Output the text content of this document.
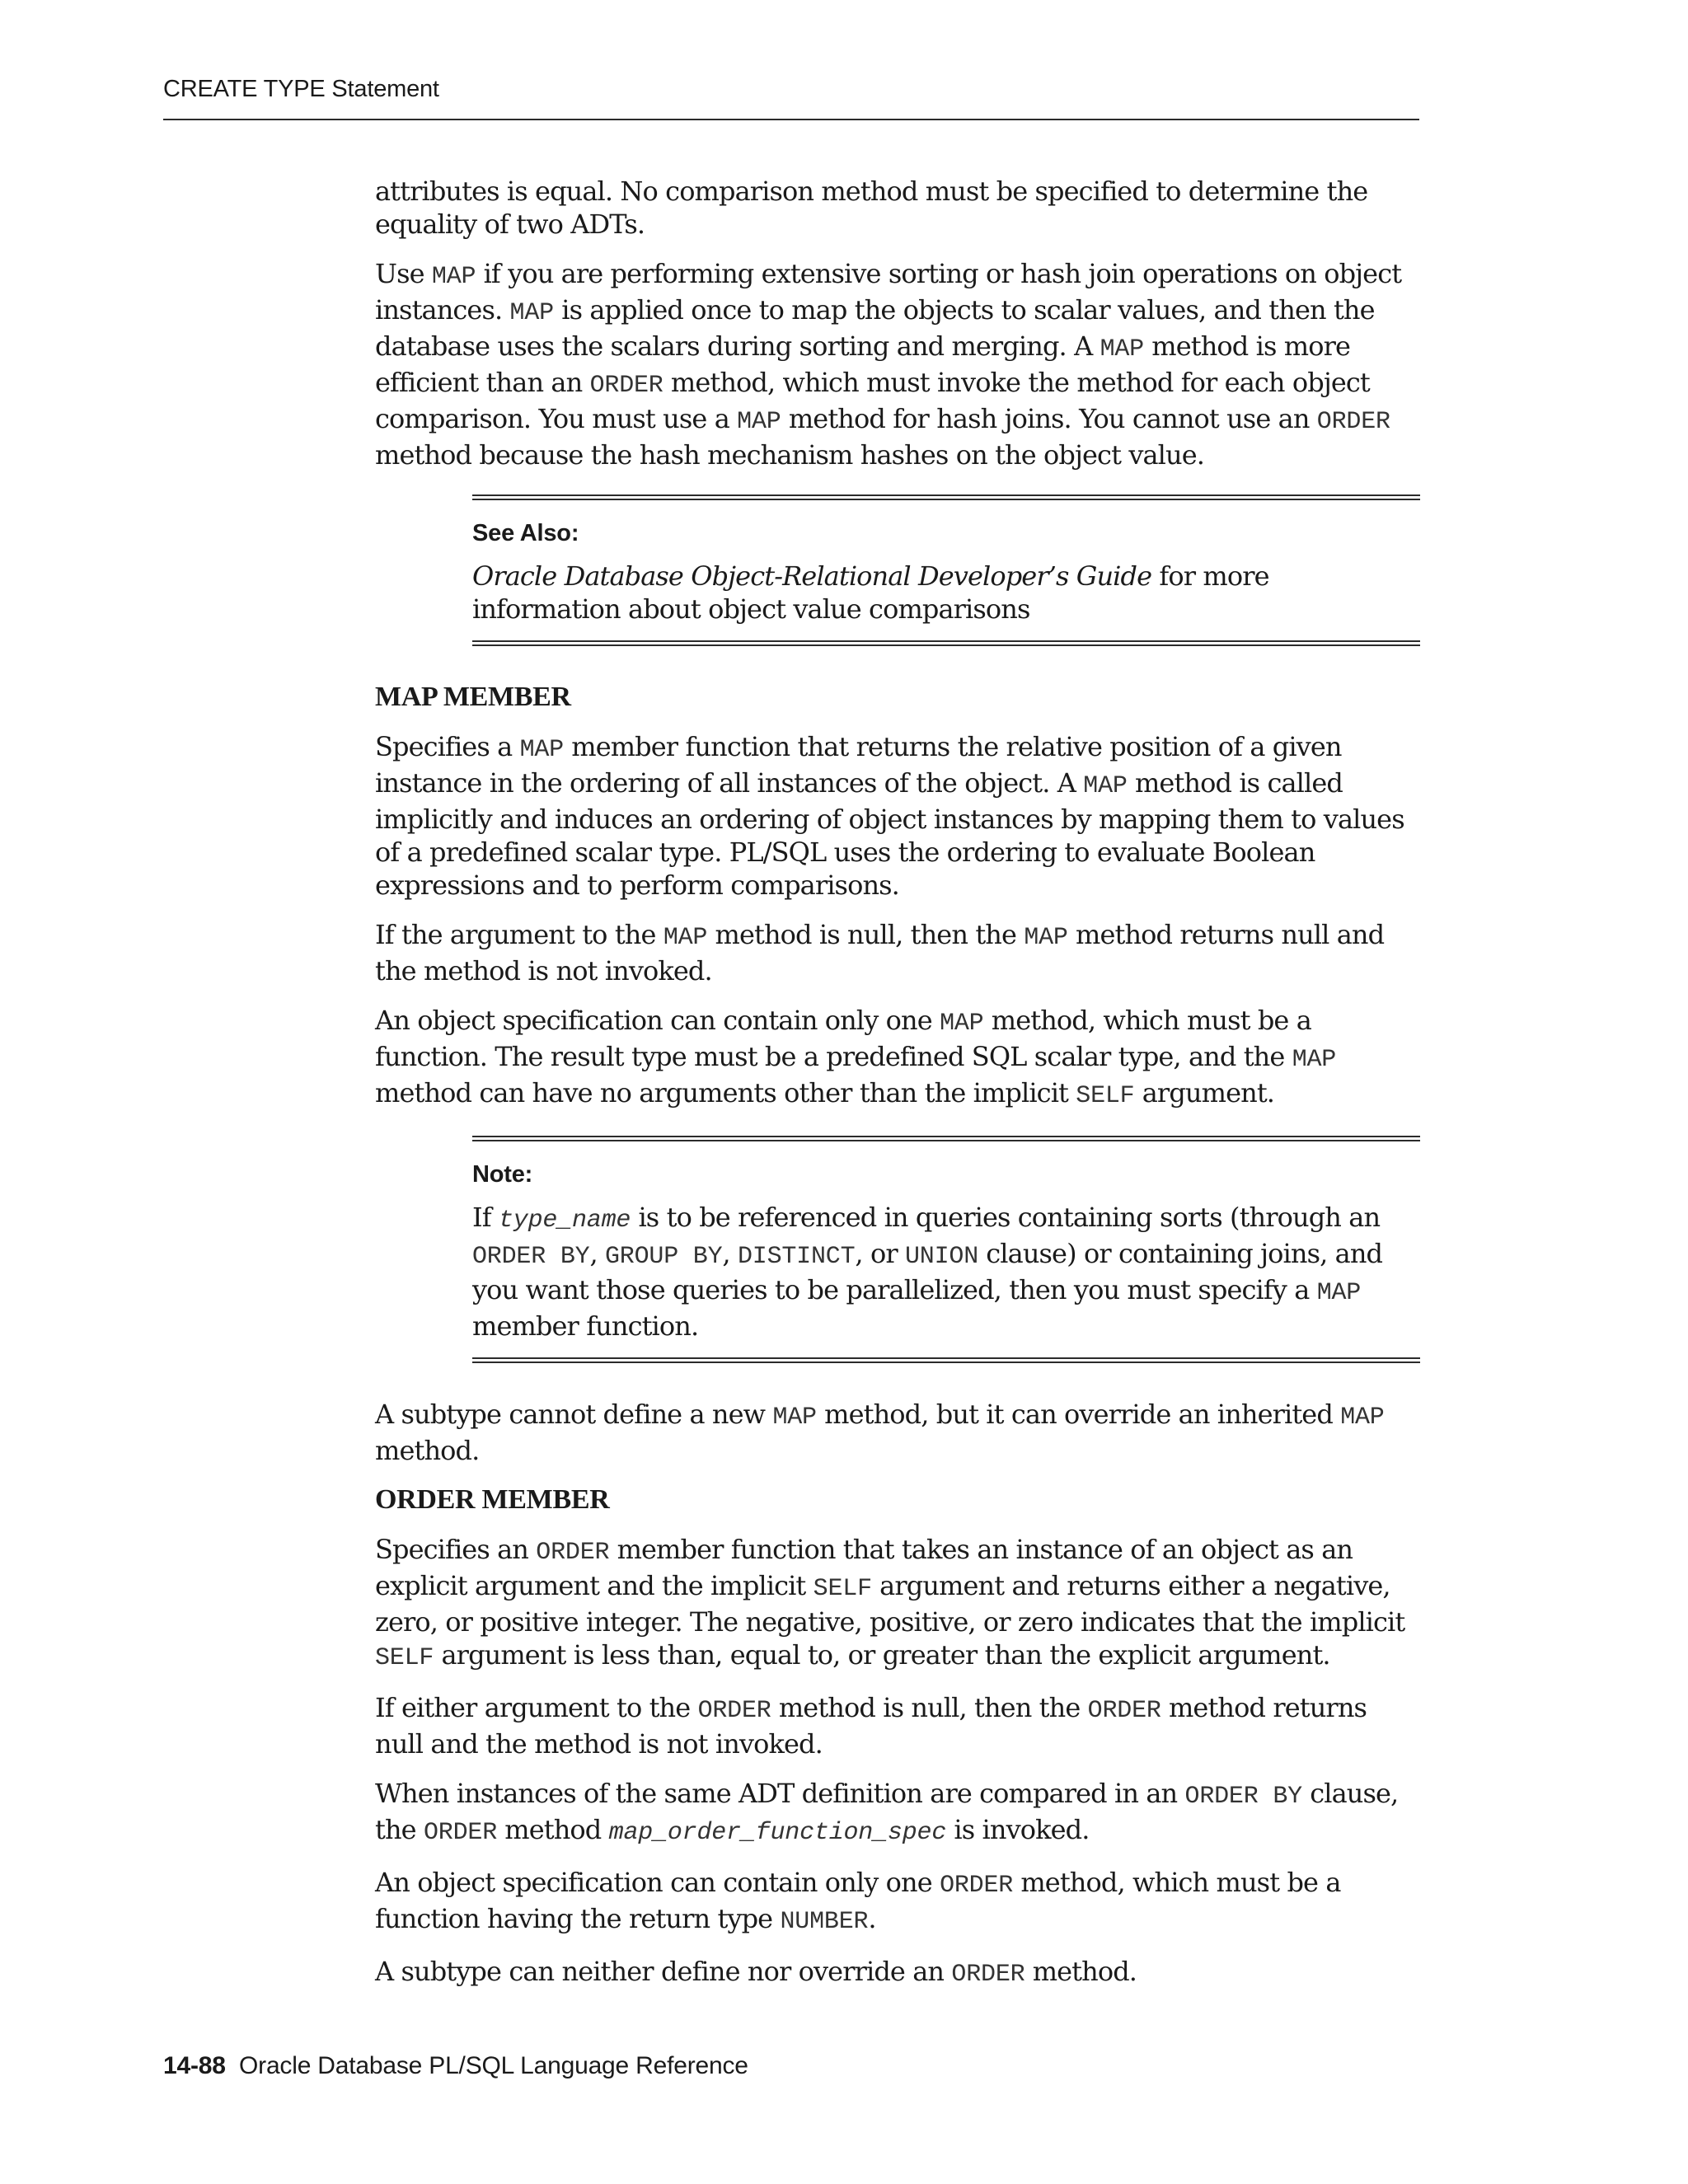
CREATE TYPE Statement

attributes is equal. No comparison method must be specified to determine the equality of two ADTs.

Use MAP if you are performing extensive sorting or hash join operations on object instances. MAP is applied once to map the objects to scalar values, and then the database uses the scalars during sorting and merging. A MAP method is more efficient than an ORDER method, which must invoke the method for each object comparison. You must use a MAP method for hash joins. You cannot use an ORDER method because the hash mechanism hashes on the object value.

See Also:

Oracle Database Object-Relational Developer’s Guide for more information about object value comparisons

MAP MEMBER

Specifies a MAP member function that returns the relative position of a given instance in the ordering of all instances of the object. A MAP method is called implicitly and induces an ordering of object instances by mapping them to values of a predefined scalar type. PL/SQL uses the ordering to evaluate Boolean expressions and to perform comparisons.

If the argument to the MAP method is null, then the MAP method returns null and the method is not invoked.

An object specification can contain only one MAP method, which must be a function. The result type must be a predefined SQL scalar type, and the MAP method can have no arguments other than the implicit SELF argument.

Note:

If type_name is to be referenced in queries containing sorts (through an ORDER BY, GROUP BY, DISTINCT, or UNION clause) or containing joins, and you want those queries to be parallelized, then you must specify a MAP member function.

A subtype cannot define a new MAP method, but it can override an inherited MAP method.

ORDER MEMBER

Specifies an ORDER member function that takes an instance of an object as an explicit argument and the implicit SELF argument and returns either a negative, zero, or positive integer. The negative, positive, or zero indicates that the implicit SELF argument is less than, equal to, or greater than the explicit argument.

If either argument to the ORDER method is null, then the ORDER method returns null and the method is not invoked.

When instances of the same ADT definition are compared in an ORDER BY clause, the ORDER method map_order_function_spec is invoked.

An object specification can contain only one ORDER method, which must be a function having the return type NUMBER.

A subtype can neither define nor override an ORDER method.

14-88 Oracle Database PL/SQL Language Reference
